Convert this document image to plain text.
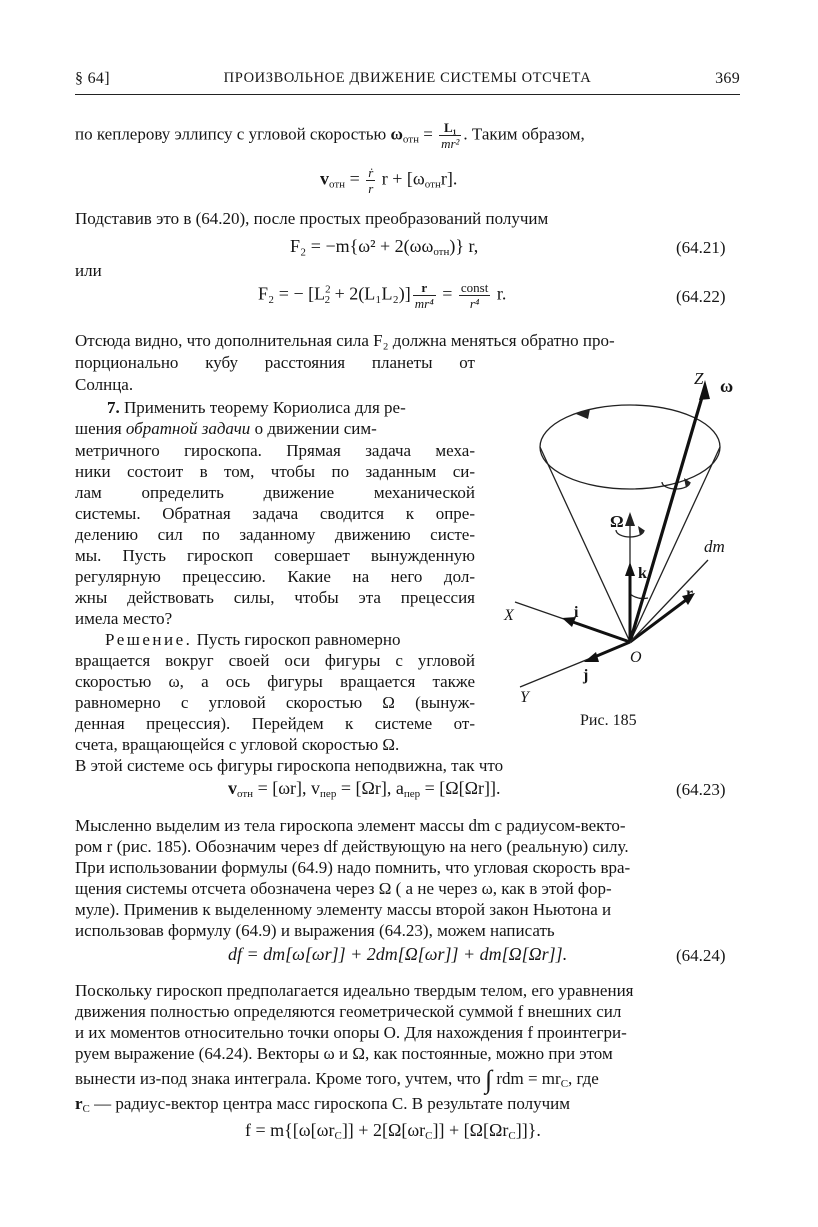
§ 64]	ПРОИЗВОЛЬНОЕ ДВИЖЕНИЕ СИСТЕМЫ ОТСЧЕТА	369
по кеплерову эллипсу с угловой скоростью $\omega_{отн} = \frac{\text{L₁}}{\text{mr²}}$ . Таким образом,
$v_{отн} = \frac{\text{ṙ}}{r}$ $r + [\omega_{отн}r]$.
Подставив это в (64.20), после простых преобразований получим
$F_2 = -m\{\omega^2 + 2(\omega\omega_{отн})\}$ r,	(64.21)
или
F₂ = − $[L^2_2 + 2(L_1L_2)] \frac{r}{\text{mr⁴}} = \frac{\text{const}}{\text{r⁴}} r$.	(64.22)
Отсюда видно, что дополнительная сила F₂ должна меняться обратно про-
порционально кубу расстояния планеты от
Солнца.
7. Применить теорему Кориолиса для ре-
шения обратной задачи о движении сим-
метричного гироскопа. Прямая задача меха-
ники состоит в том, чтобы по заданным си-
лам определить движение механической
системы. Обратная задача сводится к опре-
делению сил по заданному движению систе-
мы. Пусть гироскоп совершает вынужденную
регулярную прецессию. Какие на него дол-
жны действовать силы, чтобы эта прецессия
имела место?
Решение. Пусть гироскоп равномерно
вращается вокруг своей оси фигуры с угловой
скоростью ω, а ось фигуры вращается также
равномерно с угловой скоростью Ω (вынуж-
денная прецессия). Перейдем к системе от-
счета, вращающейся с угловой скоростью Ω.
В этой системе ось фигуры гироскопа неподвижна, так что
$v_{отн} = [\omega r]$, $v_{пер} = [\Omega r]$, $a_{пер} = [\Omega[\Omega r]]$.	(64.23)
Мысленно выделим из тела гироскопа элемент массы dm с радиусом-векто-
ром r (рис. 185). Обозначим через df действующую на него (реальную) силу.
При использовании формулы (64.9) надо помнить, что угловая скорость вра-
щения системы отсчета обозначена через Ω ( а не через ω, как в этой фор-
муле). Применив к выделенному элементу массы второй закон Ньютона и
использовав формулу (64.9) и выражения (64.23), можем написать
df = dm[ω[ωr]] + 2dm[Ω[ωr]] + dm[Ω[Ωr]].	(64.24)
Поскольку гироскоп предполагается идеально твердым телом, его уравнения
движения полностью определяются геометрической суммой f внешних сил
и их моментов относительно точки опоры O. Для нахождения f проинтегри-
руем выражение (64.24). Векторы ω и Ω, как постоянные, можно при этом
вынести из-под знака интеграла. Кроме того, учтем, что ∫ rdm = $mr_C$, где
$r_C$ — радиус-вектор центра масс гироскопа C. В результате получим
$f = m\{[\omega[\omega r_C]] + 2[\Omega[\omega r_C]] + [\Omega[\Omega r_C]]\}$.
Z ω
Ω
dm
k
r
X	i
O
j
Y
Рис. 185
